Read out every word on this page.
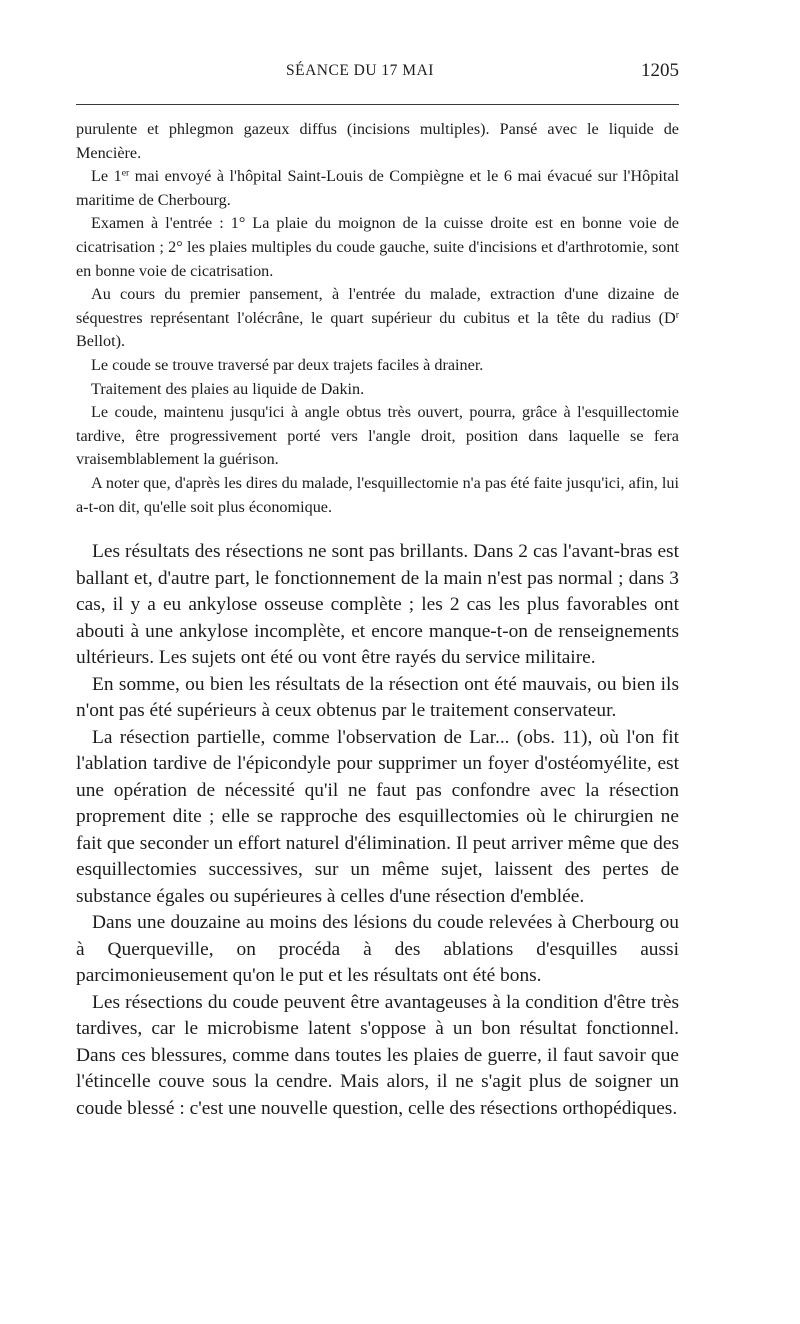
SÉANCE DU 17 MAI	1205

purulente et phlegmon gazeux diffus (incisions multiples). Pansé avec le liquide de Mencière.

Le 1er mai envoyé à l'hôpital Saint-Louis de Compiègne et le 6 mai évacué sur l'Hôpital maritime de Cherbourg.

Examen à l'entrée : 1° La plaie du moignon de la cuisse droite est en bonne voie de cicatrisation ; 2° les plaies multiples du coude gauche, suite d'incisions et d'arthrotomie, sont en bonne voie de cicatrisation.

Au cours du premier pansement, à l'entrée du malade, extraction d'une dizaine de séquestres représentant l'olécrâne, le quart supérieur du cubitus et la tête du radius ($D^r$ Bellot).

Le coude se trouve traversé par deux trajets faciles à drainer.

Traitement des plaies au liquide de Dakin.

Le coude, maintenu jusqu'ici à angle obtus très ouvert, pourra, grâce à l'esquillectomie tardive, être progressivement porté vers l'angle droit, position dans laquelle se fera vraisemblablement la guérison.

A noter que, d'après les dires du malade, l'esquillectomie n'a pas été faite jusqu'ici, afin, lui a-t-on dit, qu'elle soit plus économique.

Les résultats des résections ne sont pas brillants. Dans 2 cas l'avant-bras est ballant et, d'autre part, le fonctionnement de la main n'est pas normal ; dans 3 cas, il y a eu ankylose osseuse complète ; les 2 cas les plus favorables ont abouti à une ankylose incomplète, et encore manque-t-on de renseignements ultérieurs. Les sujets ont été ou vont être rayés du service militaire.

En somme, ou bien les résultats de la résection ont été mauvais, ou bien ils n'ont pas été supérieurs à ceux obtenus par le traitement conservateur.

La résection partielle, comme l'observation de Lar... (obs. 11), où l'on fit l'ablation tardive de l'épicondyle pour supprimer un foyer d'ostéomyélite, est une opération de nécessité qu'il ne faut pas confondre avec la résection proprement dite ; elle se rapproche des esquillectomies où le chirurgien ne fait que seconder un effort naturel d'élimination. Il peut arriver même que des esquillectomies successives, sur un même sujet, laissent des pertes de substance égales ou supérieures à celles d'une résection d'emblée.

Dans une douzaine au moins des lésions du coude relevées à Cherbourg ou à Querqueville, on procéda à des ablations d'esquilles aussi parcimonieusement qu'on le put et les résultats ont été bons.

Les résections du coude peuvent être avantageuses à la condition d'être très tardives, car le microbisme latent s'oppose à un bon résultat fonctionnel. Dans ces blessures, comme dans toutes les plaies de guerre, il faut savoir que l'étincelle couve sous la cendre. Mais alors, il ne s'agit plus de soigner un coude blessé : c'est une nouvelle question, celle des résections orthopédiques.
